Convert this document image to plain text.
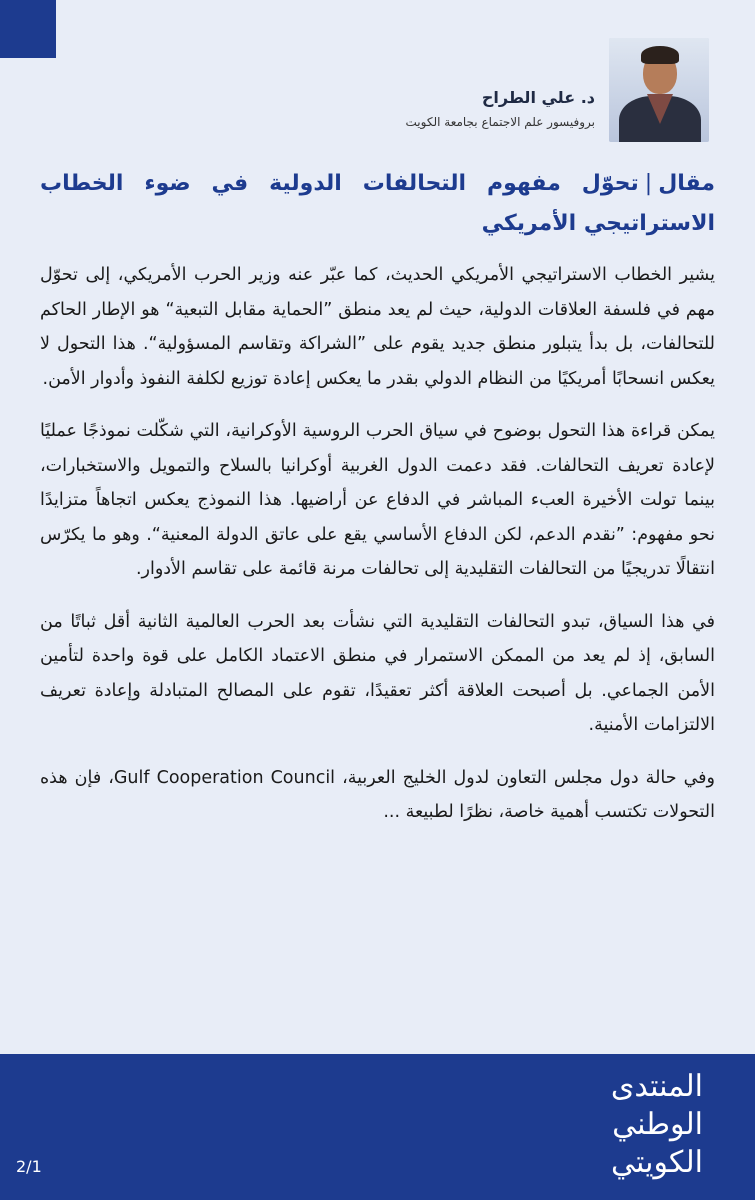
د. علي الطراح
بروفيسور علم الاجتماع بجامعة الكويت
مقال|تحوّل مفهوم التحالفات الدولية في ضوء الخطاب الاستراتيجي الأمريكي

يشير الخطاب الاستراتيجي الأمريكي الحديث، كما عبّر عنه وزير الحرب الأمريكي، إلى تحوّل مهم في فلسفة العلاقات الدولية، حيث لم يعد منطق ”الحماية مقابل التبعية“ هو الإطار الحاكم للتحالفات، بل بدأ يتبلور منطق جديد يقوم على ”الشراكة وتقاسم المسؤولية“. هذا التحول لا يعكس انسحابًا أمريكيًا من النظام الدولي بقدر ما يعكس إعادة توزيع لكلفة النفوذ وأدوار الأمن.

يمكن قراءة هذا التحول بوضوح في سياق الحرب الروسية الأوكرانية، التي شكّلت نموذجًا عمليًا لإعادة تعريف التحالفات. فقد دعمت الدول الغربية أوكرانيا بالسلاح والتمويل والاستخبارات، بينما تولت الأخيرة العبء المباشر في الدفاع عن أراضيها. هذا النموذج يعكس اتجاهاً متزايدًا نحو مفهوم: ”نقدم الدعم، لكن الدفاع الأساسي يقع على عاتق الدولة المعنية“. وهو ما يكرّس انتقالًا تدريجيًا من التحالفات التقليدية إلى تحالفات مرنة قائمة على تقاسم الأدوار.

في هذا السياق، تبدو التحالفات التقليدية التي نشأت بعد الحرب العالمية الثانية أقل ثباتًا من السابق، إذ لم يعد من الممكن الاستمرار في منطق الاعتماد الكامل على قوة واحدة لتأمين الأمن الجماعي. بل أصبحت العلاقة أكثر تعقيدًا، تقوم على المصالح المتبادلة وإعادة تعريف الالتزامات الأمنية.

وفي حالة دول مجلس التعاون لدول الخليج العربية، Gulf Cooperation Council، فإن هذه التحولات تكتسب أهمية خاصة، نظرًا لطبيعة ...

المنتدى
الوطني
الكويتي
2/1
